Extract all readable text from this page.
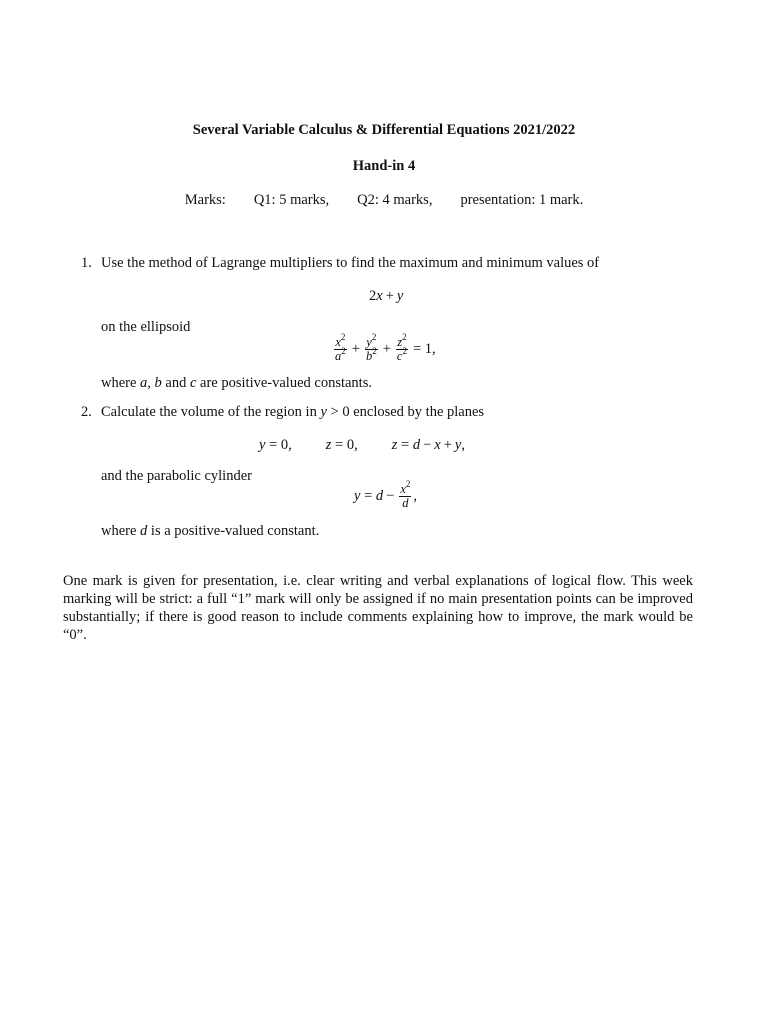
Several Variable Calculus & Differential Equations 2021/2022
Hand-in 4
Marks: Q1: 5 marks, Q2: 4 marks, presentation: 1 mark.
1. Use the method of Lagrange multipliers to find the maximum and minimum values of
2x + y
on the ellipsoid
$\frac{x^2}{a^2} + \frac{y^2}{b^2} + \frac{z^2}{c^2} = 1$,
where a, b and c are positive-valued constants.
2. Calculate the volume of the region in y > 0 enclosed by the planes
y = 0, z = 0, z = d − x + y,
and the parabolic cylinder
$y = d - \frac{x^2}{d}$ ,
where d is a positive-valued constant.
One mark is given for presentation, i.e. clear writing and verbal explanations of logical flow. This week marking will be strict: a full “1” mark will only be assigned if no main presentation points can be improved substantially; if there is good reason to include comments explaining how to improve, the mark would be “0”.
